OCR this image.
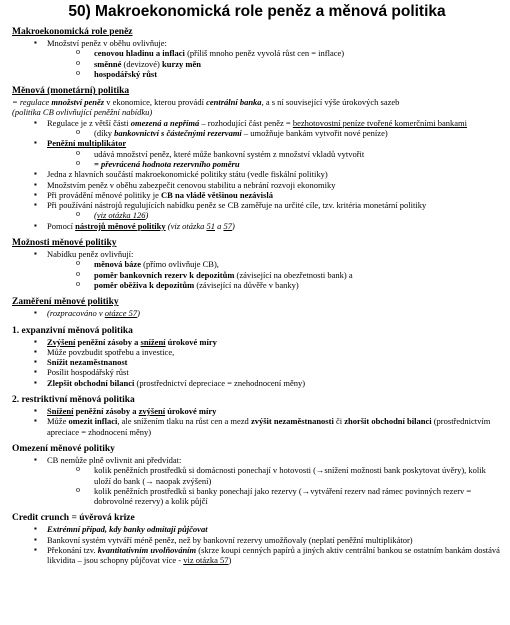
50) Makroekonomická role peněz a měnová politika
Makroekonomická role peněz
▪ Množství peněz v oběhu ovlivňuje:
o cenovou hladinu a inflaci (příliš mnoho peněz vyvolá růst cen = inflace)
o směnné (devizové) kurzy měn
o hospodářský růst
Měnová (monetární) politika

= regulace množství peněz v ekonomice, kterou provádí centrální banka, a s ní související výše úrokových sazeb

(politika CB ovlivňující peněžní nabídku)

▪ Regulace je z větší části omezená a nepřímá – rozhodující část peněz = bezhotovostní peníze tvořené komerčními bankami
o (díky bankovnictví s částečnými rezervami – umožňuje bankám vytvořit nové peníze)
▪ Peněžní multiplikátor
o udává množství peněz, které může bankovní systém z množství vkladů vytvořit
o = převrácená hodnota rezervního poměru
▪ Jedna z hlavních součástí makroekonomické politiky státu (vedle fiskální politiky)
▪ Množstvím peněz v oběhu zabezpečit cenovou stabilitu a nebrání rozvoji ekonomiky
▪ Při provádění měnové politiky je CB na vládě většinou nezávislá
▪ Při používání nástrojů regulujících nabídku peněz se CB zaměřuje na určité cíle, tzv. kritéria monetární politiky
o (viz otázka 126)
▪ Pomocí nástrojů měnové politiky (viz otázka 51 a 57)
Možnosti měnové politiky
▪ Nabídku peněz ovlivňují:
o měnová báze (přímo ovlivňuje CB),
o poměr bankovních rezerv k depozitům (závisející na obezřetnosti bank) a
o poměr oběživa k depozitům (závisející na důvěře v banky)
Zaměření měnové politiky
▪ (rozpracováno v otázce 57)
1. expanzivní měnová politika
▪ Zvýšení peněžní zásoby a snížení úrokové míry
▪ Může povzbudit spotřebu a investice,
▪ Snížit nezaměstnanost
▪ Posílit hospodářský růst
▪ Zlepšit obchodní bilanci (prostřednictví depreciace = znehodnocení měny)
2. restriktivní měnová politika
▪ Snížení peněžní zásoby a zvýšení úrokové míry
▪ Může omezit inflaci, ale snížením tlaku na růst cen a mezd zvýšit nezaměstnanosti či zhoršit obchodní bilanci (prostřednictvím apreciace = zhodnocení měny)
Omezení měnové politiky
▪ CB nemůže plně ovlivnit ani předvídat:
o kolik peněžních prostředků si domácnosti ponechají v hotovosti (→snížení možnosti bank poskytovat úvěry), kolik uloží do bank (→ naopak zvýšení)
o kolik peněžních prostředků si banky ponechají jako rezervy (→vytváření rezerv nad rámec povinných rezerv = dobrovolné rezervy) a kolik půjčí
Credit crunch = úvěrová krize
▪ Extrémní případ, kdy banky odmítají půjčovat
▪ Bankovní systém vytváří méně peněz, než by bankovní rezervy umožňovaly (neplatí peněžní multiplikátor)
▪ Překonání tzv. kvantitativním uvolňováním (skrze koupi cenných papírů a jiných aktiv centrální bankou se ostatním bankám dostává likvidita – jsou schopny půjčovat více - viz otázka 57)
